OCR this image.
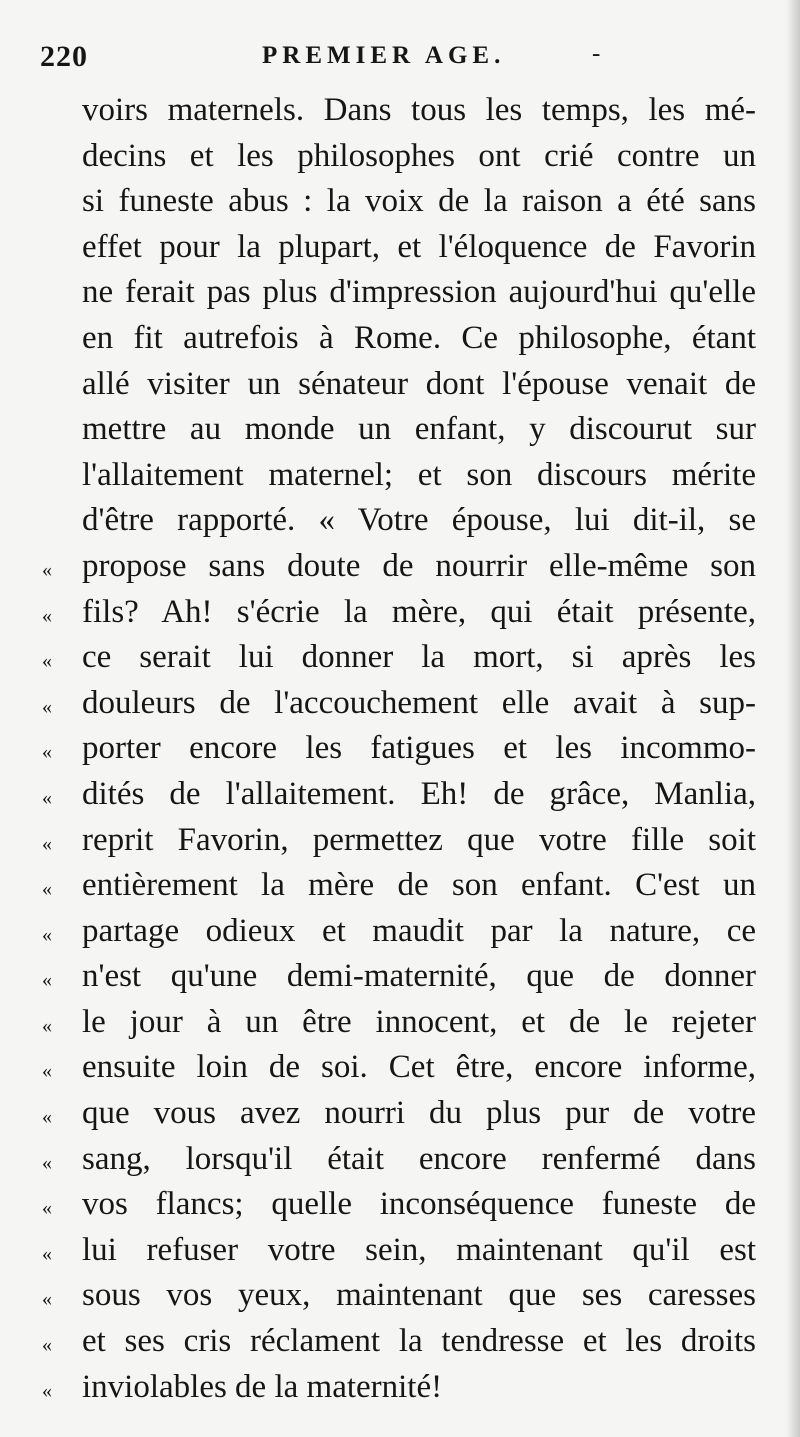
220	PREMIER AGE.	-
voirs maternels. Dans tous les temps, les mé-
decins et les philosophes ont crié contre un
si funeste abus : la voix de la raison a été sans
effet pour la plupart, et l'éloquence de Favorin
ne ferait pas plus d'impression aujourd'hui qu'elle
en fit autrefois à Rome. Ce philosophe, étant
allé visiter un sénateur dont l'épouse venait de
mettre au monde un enfant, y discourut sur
l'allaitement maternel; et son discours mérite
d'être rapporté. « Votre épouse, lui dit-il, se
« propose sans doute de nourrir elle-même son
« fils? Ah! s'écrie la mère, qui était présente,
« ce serait lui donner la mort, si après les
« douleurs de l'accouchement elle avait à sup-
« porter encore les fatigues et les incommo-
« dités de l'allaitement. Eh! de grâce, Manlia,
« reprit Favorin, permettez que votre fille soit
« entièrement la mère de son enfant. C'est un
« partage odieux et maudit par la nature, ce
« n'est qu'une demi-maternité, que de donner
« le jour à un être innocent, et de le rejeter
« ensuite loin de soi. Cet être, encore informe,
« que vous avez nourri du plus pur de votre
« sang, lorsqu'il était encore renfermé dans
« vos flancs; quelle inconséquence funeste de
« lui refuser votre sein, maintenant qu'il est
« sous vos yeux, maintenant que ses caresses
« et ses cris réclament la tendresse et les droits
« inviolables de la maternité!
